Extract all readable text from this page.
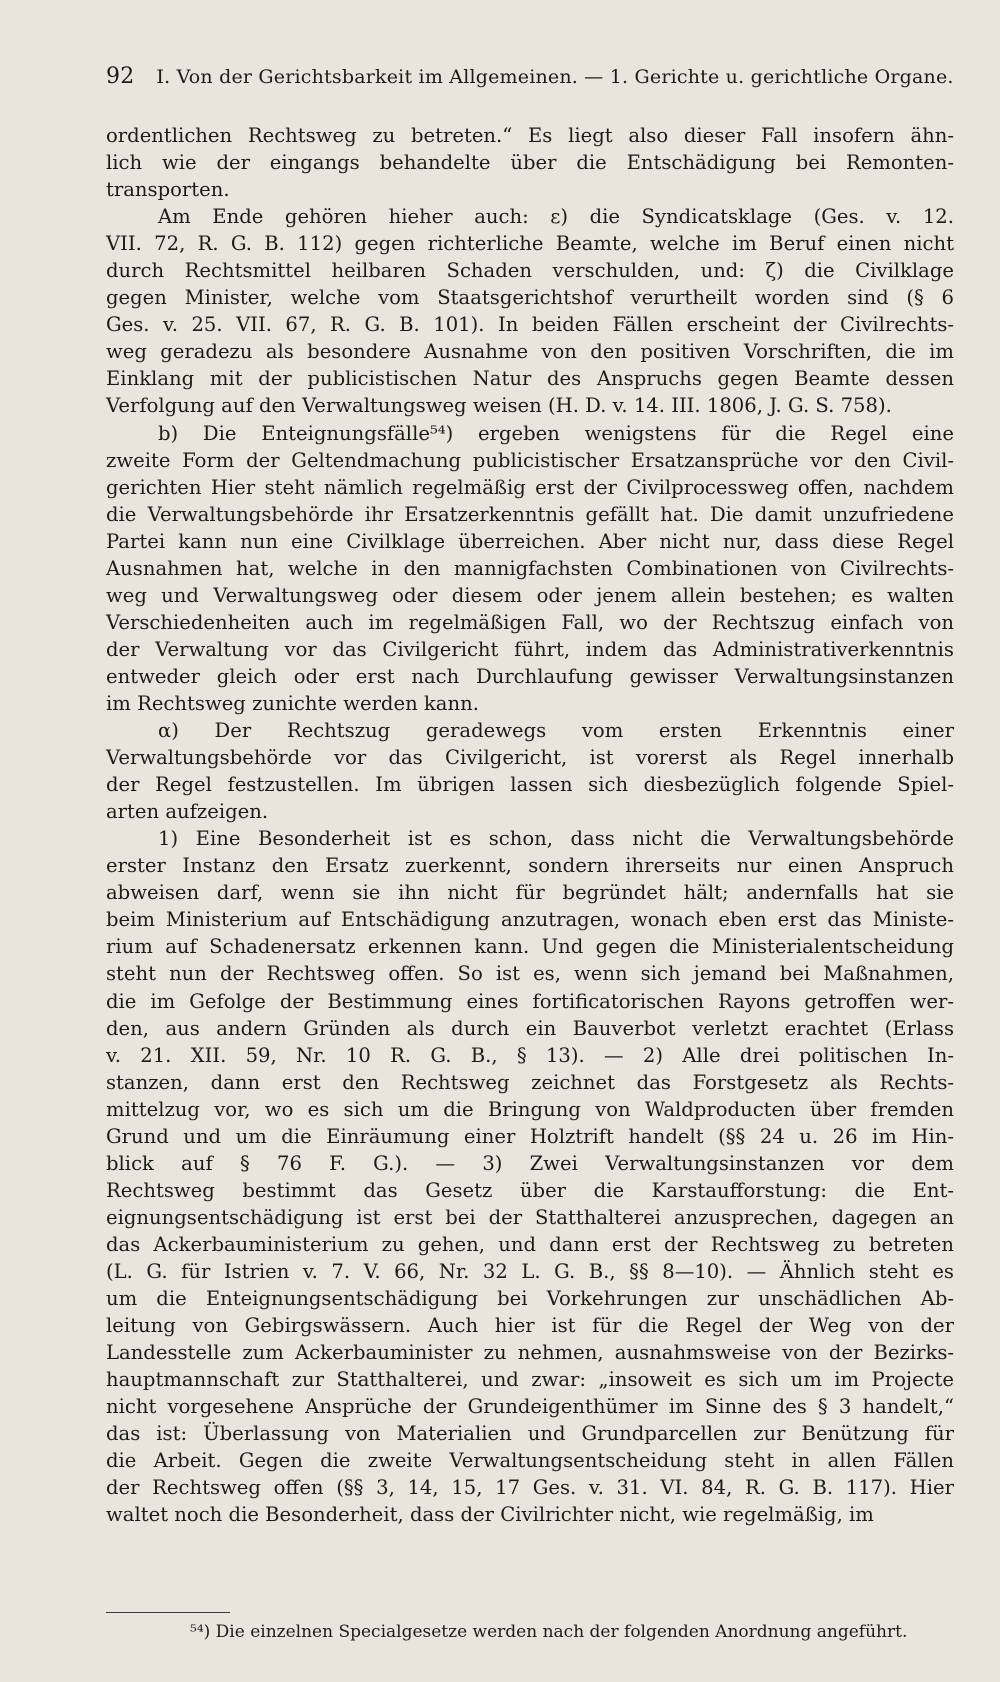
92 I. Von der Gerichtsbarkeit im Allgemeinen. — 1. Gerichte u. gerichtliche Organe.
ordentlichen Rechtsweg zu betreten.“ Es liegt also dieser Fall insofern ähn-
lich wie der eingangs behandelte über die Entschädigung bei Remonten-
transporten.
Am Ende gehören hieher auch: ε) die Syndicatsklage (Ges. v. 12.
VII. 72, R. G. B. 112) gegen richterliche Beamte, welche im Beruf einen nicht
durch Rechtsmittel heilbaren Schaden verschulden, und: ζ) die Civilklage
gegen Minister, welche vom Staatsgerichtshof verurtheilt worden sind (§ 6
Ges. v. 25. VII. 67, R. G. B. 101). In beiden Fällen erscheint der Civilrechts-
weg geradezu als besondere Ausnahme von den positiven Vorschriften, die im
Einklang mit der publicistischen Natur des Anspruchs gegen Beamte dessen
Verfolgung auf den Verwaltungsweg weisen (H. D. v. 14. III. 1806, J. G. S. 758).
b) Die Enteignungsfälle⁵⁴) ergeben wenigstens für die Regel eine
zweite Form der Geltendmachung publicistischer Ersatzansprüche vor den Civil-
gerichten Hier steht nämlich regelmäßig erst der Civilprocessweg offen, nachdem
die Verwaltungsbehörde ihr Ersatzerkenntnis gefällt hat. Die damit unzufriedene
Partei kann nun eine Civilklage überreichen. Aber nicht nur, dass diese Regel
Ausnahmen hat, welche in den mannigfachsten Combinationen von Civilrechts-
weg und Verwaltungsweg oder diesem oder jenem allein bestehen; es walten
Verschiedenheiten auch im regelmäßigen Fall, wo der Rechtszug einfach von
der Verwaltung vor das Civilgericht führt, indem das Administrativerkenntnis
entweder gleich oder erst nach Durchlaufung gewisser Verwaltungsinstanzen
im Rechtsweg zunichte werden kann.
α) Der Rechtszug geradewegs vom ersten Erkenntnis einer
Verwaltungsbehörde vor das Civilgericht, ist vorerst als Regel innerhalb
der Regel festzustellen. Im übrigen lassen sich diesbezüglich folgende Spiel-
arten aufzeigen.
1) Eine Besonderheit ist es schon, dass nicht die Verwaltungsbehörde
erster Instanz den Ersatz zuerkennt, sondern ihrerseits nur einen Anspruch
abweisen darf, wenn sie ihn nicht für begründet hält; andernfalls hat sie
beim Ministerium auf Entschädigung anzutragen, wonach eben erst das Ministe-
rium auf Schadenersatz erkennen kann. Und gegen die Ministerialentscheidung
steht nun der Rechtsweg offen. So ist es, wenn sich jemand bei Maßnahmen,
die im Gefolge der Bestimmung eines fortificatorischen Rayons getroffen wer-
den, aus andern Gründen als durch ein Bauverbot verletzt erachtet (Erlass
v. 21. XII. 59, Nr. 10 R. G. B., § 13). — 2) Alle drei politischen In-
stanzen, dann erst den Rechtsweg zeichnet das Forstgesetz als Rechts-
mittelzug vor, wo es sich um die Bringung von Waldproducten über fremden
Grund und um die Einräumung einer Holztrift handelt (§§ 24 u. 26 im Hin-
blick auf § 76 F. G.). — 3) Zwei Verwaltungsinstanzen vor dem
Rechtsweg bestimmt das Gesetz über die Karstaufforstung: die Ent-
eignungsentschädigung ist erst bei der Statthalterei anzusprechen, dagegen an
das Ackerbauministerium zu gehen, und dann erst der Rechtsweg zu betreten
(L. G. für Istrien v. 7. V. 66, Nr. 32 L. G. B., §§ 8—10). — Ähnlich steht es
um die Enteignungsentschädigung bei Vorkehrungen zur unschädlichen Ab-
leitung von Gebirgswässern. Auch hier ist für die Regel der Weg von der
Landesstelle zum Ackerbauminister zu nehmen, ausnahmsweise von der Bezirks-
hauptmannschaft zur Statthalterei, und zwar: „insoweit es sich um im Projecte
nicht vorgesehene Ansprüche der Grundeigenthümer im Sinne des § 3 handelt,“
das ist: Überlassung von Materialien und Grundparcellen zur Benützung für
die Arbeit. Gegen die zweite Verwaltungsentscheidung steht in allen Fällen
der Rechtsweg offen (§§ 3, 14, 15, 17 Ges. v. 31. VI. 84, R. G. B. 117). Hier
waltet noch die Besonderheit, dass der Civilrichter nicht, wie regelmäßig, im
⁵⁴) Die einzelnen Specialgesetze werden nach der folgenden Anordnung angeführt.
